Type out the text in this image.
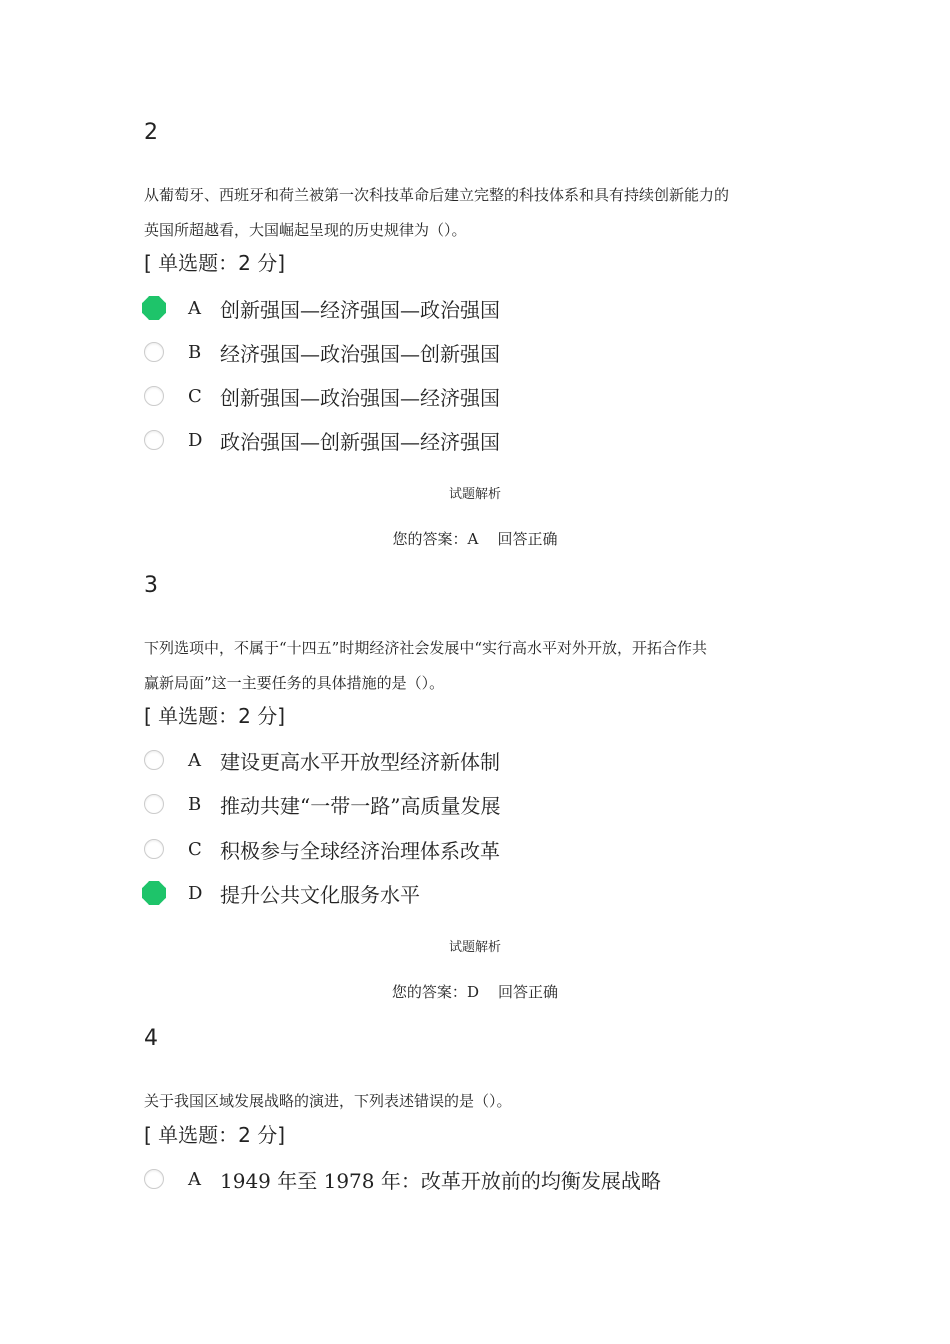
2
从葡萄牙、西班牙和荷兰被第一次科技革命后建立完整的科技体系和具有持续创新能力的
英国所超越看，大国崛起呈现的历史规律为（）。
[ 单选题：2 分]
A 创新强国—经济强国—政治强国
B 经济强国—政治强国—创新强国
C 创新强国—政治强国—经济强国
D 政治强国—创新强国—经济强国
试题解析
您的答案：A 回答正确
3
下列选项中，不属于“十四五”时期经济社会发展中“实行高水平对外开放，开拓合作共
赢新局面”这一主要任务的具体措施的是（）。
[ 单选题：2 分]
A 建设更高水平开放型经济新体制
B 推动共建“一带一路”高质量发展
C 积极参与全球经济治理体系改革
D 提升公共文化服务水平
试题解析
您的答案：D 回答正确
4
关于我国区域发展战略的演进，下列表述错误的是（）。
[ 单选题：2 分]
A 1949 年至 1978 年：改革开放前的均衡发展战略
